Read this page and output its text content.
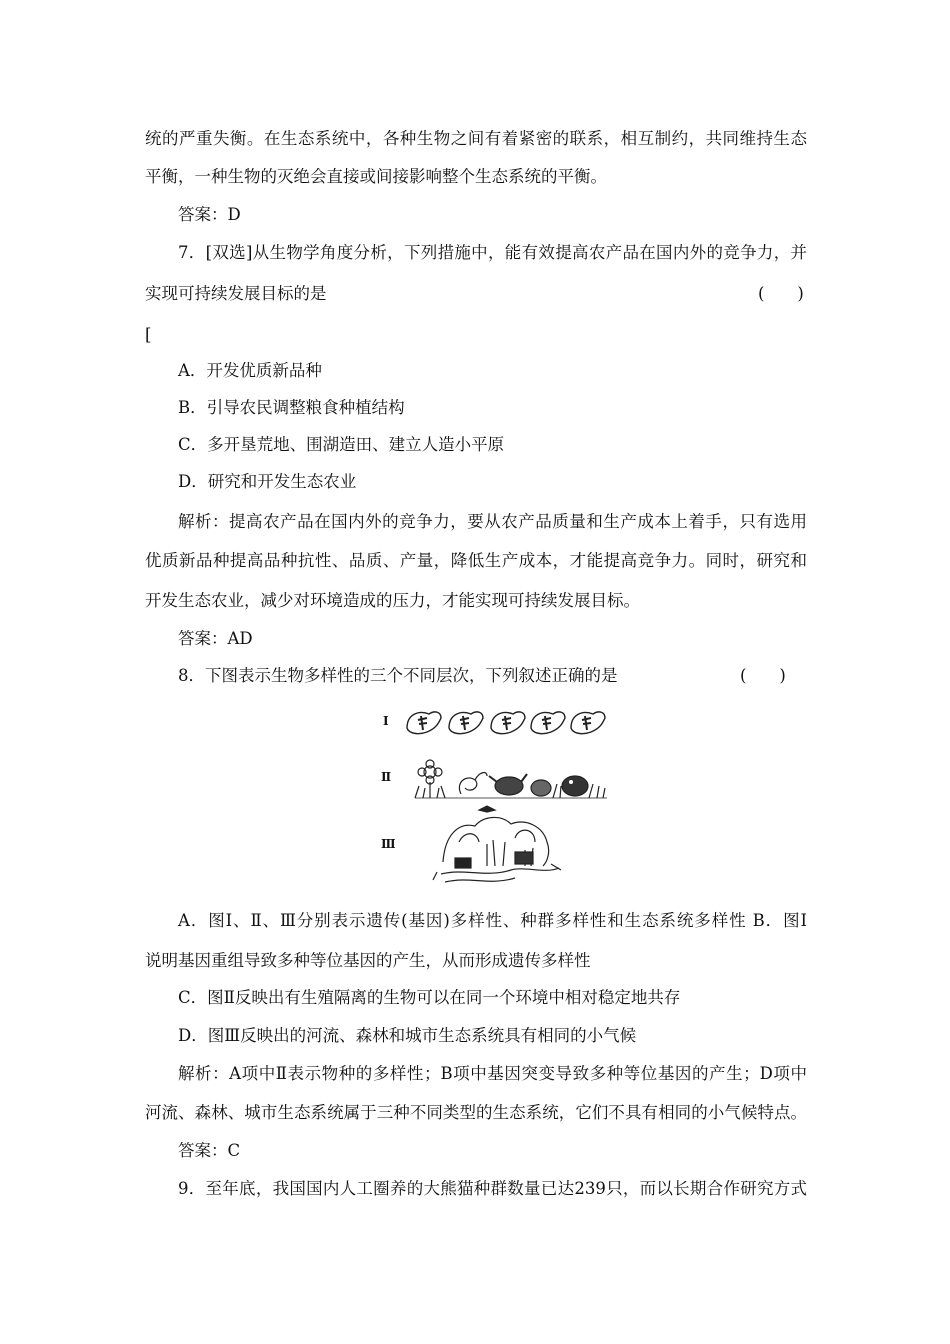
统的严重失衡。在生态系统中，各种生物之间有着紧密的联系，相互制约，共同维持生态
平衡，一种生物的灭绝会直接或间接影响整个生态系统的平衡。
答案：D
7．[双选]从生物学角度分析，下列措施中，能有效提高农产品在国内外的竞争力，并
实现可持续发展目标的是	(　　)
[
A．开发优质新品种
B．引导农民调整粮食种植结构
C．多开垦荒地、围湖造田、建立人造小平原
D．研究和开发生态农业
解析：提高农产品在国内外的竞争力，要从农产品质量和生产成本上着手，只有选用
优质新品种提高品种抗性、品质、产量，降低生产成本，才能提高竞争力。同时，研究和
开发生态农业，减少对环境造成的压力，才能实现可持续发展目标。
答案：AD
8．下图表示生物多样性的三个不同层次，下列叙述正确的是	(　　)
Ⅰ
Ⅱ
Ⅲ
A．图Ⅰ、Ⅱ、Ⅲ分别表示遗传(基因)多样性、种群多样性和生态系统多样性 B．图Ⅰ
说明基因重组导致多种等位基因的产生，从而形成遗传多样性
C．图Ⅱ反映出有生殖隔离的生物可以在同一个环境中相对稳定地共存
D．图Ⅲ反映出的河流、森林和城市生态系统具有相同的小气候
解析：A项中Ⅱ表示物种的多样性；B项中基因突变导致多种等位基因的产生；D项中
河流、森林、城市生态系统属于三种不同类型的生态系统，它们不具有相同的小气候特点。
答案：C
9．至年底，我国国内人工圈养的大熊猫种群数量已达239只，而以长期合作研究方式
